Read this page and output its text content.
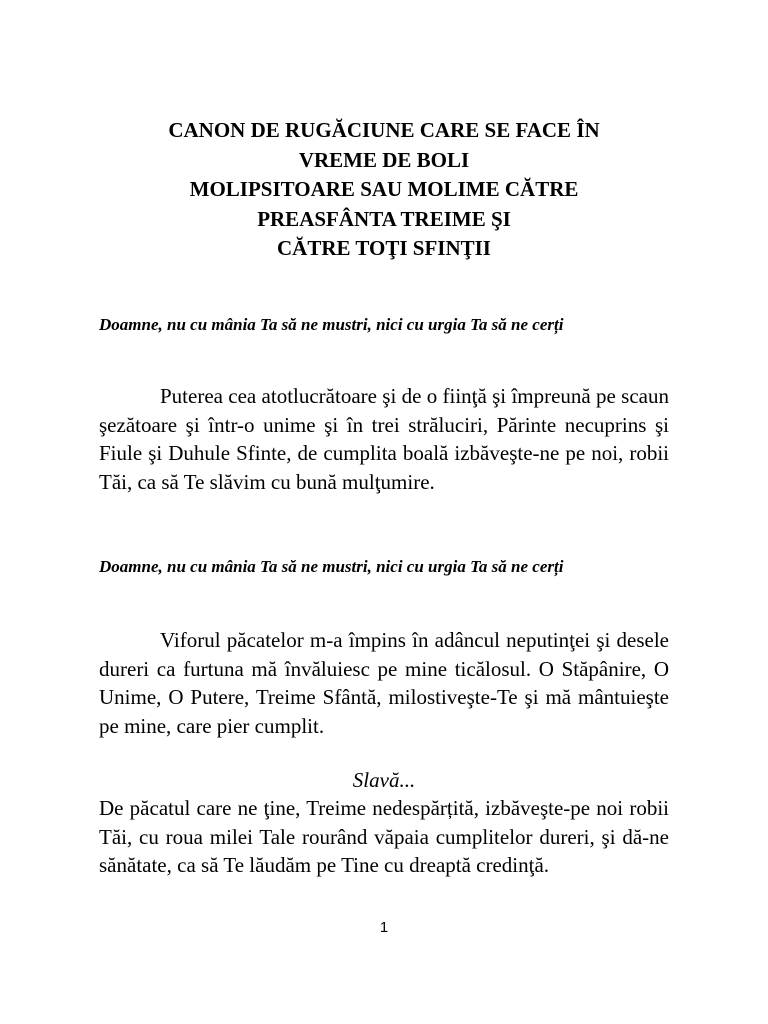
CANON DE RUGĂCIUNE CARE SE FACE ÎN
VREME DE BOLI
MOLIPSITOARE SAU MOLIME CĂTRE
PREASFÂNTA TREIME ŞI
CĂTRE TOŢI SFINŢII
Doamne, nu cu mânia Ta să ne mustri, nici cu urgia Ta să ne cerți
Puterea cea atotlucrătoare şi de o fiinţă şi împreună pe scaun şezătoare şi într-o unime şi în trei străluciri, Părinte necuprins şi Fiule şi Duhule Sfinte, de cumplita boală izbăveşte-ne pe noi, robii Tăi, ca să Te slăvim cu bună mulţumire.
Doamne, nu cu mânia Ta să ne mustri, nici cu urgia Ta să ne cerți
Viforul păcatelor m-a împins în adâncul neputinţei şi desele dureri ca furtuna mă învăluiesc pe mine ticălosul. O Stăpânire, O Unime, O Putere, Treime Sfântă, milostiveşte-Te şi mă mântuieşte pe mine, care pier cumplit.
Slavă...
De păcatul care ne ţine, Treime nedespărțită, izbăveşte-pe noi robii Tăi, cu roua milei Tale rourând văpaia cumplitelor dureri, şi dă-ne sănătate, ca să Te lăudăm pe Tine cu dreaptă credinţă.
1
